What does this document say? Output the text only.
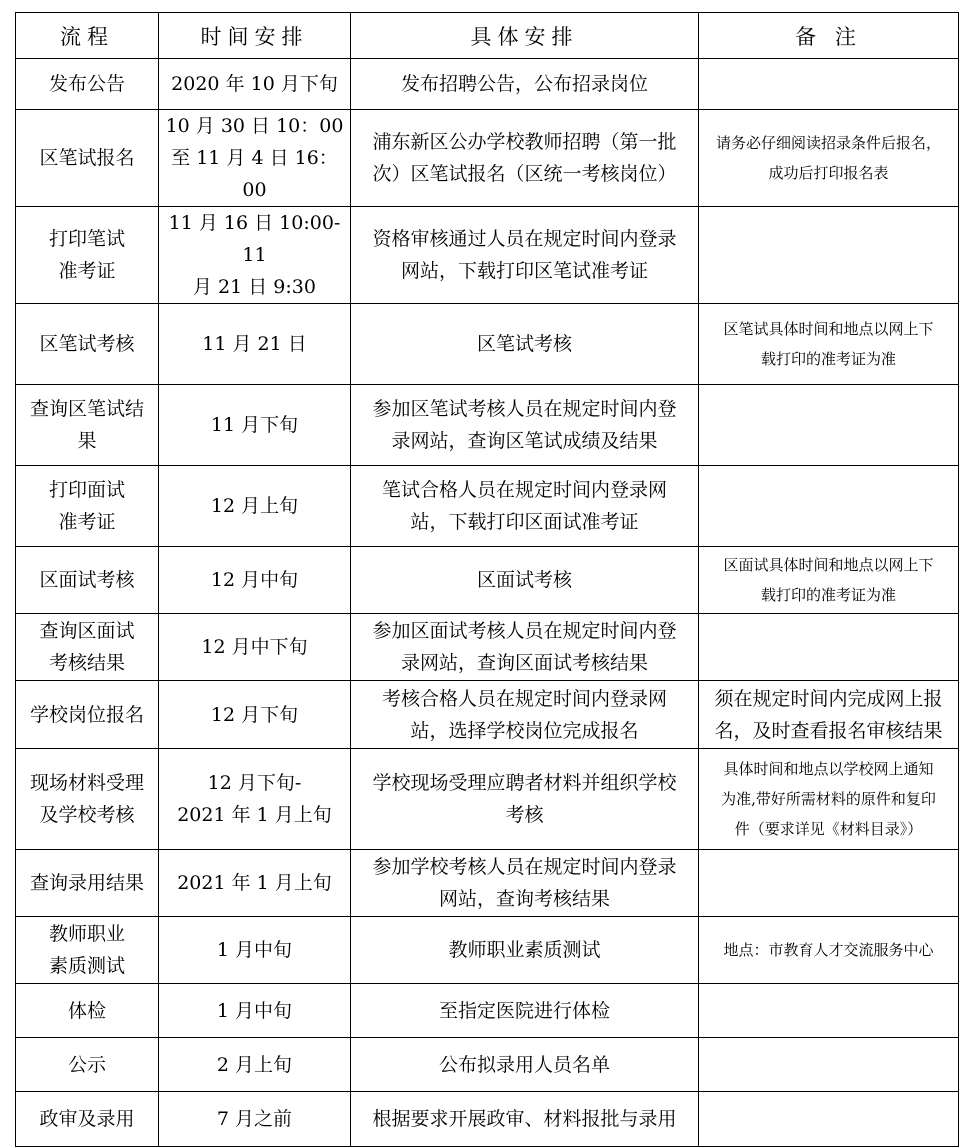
流程	时间安排	具体安排	备 注

发布公告	2020 年 10 月下旬	发布招聘公告，公布招录岗位	

区笔试报名	10 月 30 日 10：00
至 11 月 4 日 16：00	浦东新区公办学校教师招聘（第一批
次）区笔试报名（区统一考核岗位）	请务必仔细阅读招录条件后报名，
成功后打印报名表

打印笔试
准考证	11 月 16 日 10:00-11
月 21 日 9:30	资格审核通过人员在规定时间内登录
网站，下载打印区笔试准考证	

区笔试考核	11 月 21 日	区笔试考核	区笔试具体时间和地点以网上下
载打印的准考证为准

查询区笔试结果	11 月下旬	参加区笔试考核人员在规定时间内登
录网站，查询区笔试成绩及结果	

打印面试
准考证	12 月上旬	笔试合格人员在规定时间内登录网
站，下载打印区面试准考证	

区面试考核	12 月中旬	区面试考核	区面试具体时间和地点以网上下
载打印的准考证为准

查询区面试
考核结果	12 月中下旬	参加区面试考核人员在规定时间内登
录网站，查询区面试考核结果	

学校岗位报名	12 月下旬	考核合格人员在规定时间内登录网
站，选择学校岗位完成报名	须在规定时间内完成网上报
名，及时查看报名审核结果

现场材料受理
及学校考核	12 月下旬-
2021 年 1 月上旬	学校现场受理应聘者材料并组织学校
考核	具体时间和地点以学校网上通知
为准,带好所需材料的原件和复印
件（要求详见《材料目录》）

查询录用结果	2021 年 1 月上旬	参加学校考核人员在规定时间内登录
网站，查询考核结果	

教师职业
素质测试	1 月中旬	教师职业素质测试	地点：市教育人才交流服务中心

体检	1 月中旬	至指定医院进行体检	

公示	2 月上旬	公布拟录用人员名单	

政审及录用	7 月之前	根据要求开展政审、材料报批与录用	
